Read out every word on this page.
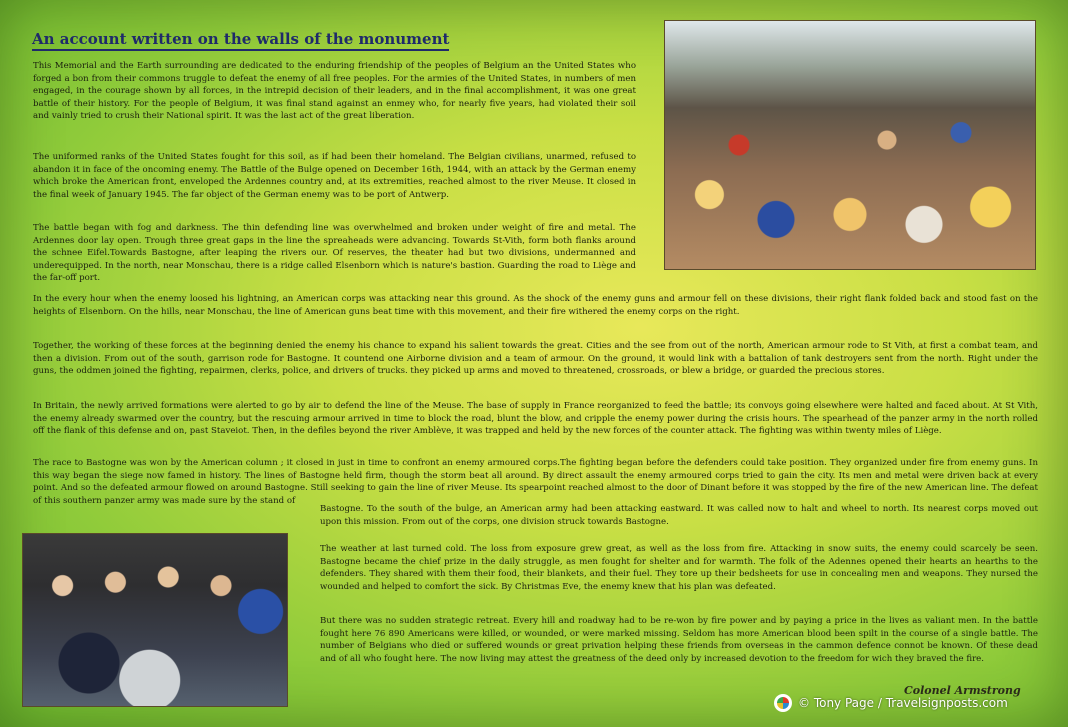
An account written on the walls of the monument

This Memorial and the Earth surrounding are dedicated to the enduring friendship of the peoples of Belgium an the United States who forged a bon from their commons truggle to defeat the enemy of all free peoples. For the armies of the United States, in numbers of men engaged, in the courage shown by all forces, in the intrepid decision of their leaders, and in the final accomplishment, it was one great battle of their history. For the people of Belgium, it was final stand against an enmey who, for nearly five years, had violated their soil and vainly tried to crush their National spirit. It was the last act of the great liberation.

The uniformed ranks of the United States fought for this soil, as if had been their homeland. The Belgian civilians, unarmed, refused to abandon it in face of the oncoming enemy. The Battle of the Bulge opened on December 16th, 1944, with an attack by the German enemy which broke the American front, enveloped the Ardennes country and, at its extremities, reached almost to the river Meuse. It closed in the final week of January 1945. The far object of the German enemy was to be port of Antwerp.

The battle began with fog and darkness. The thin defending line was overwhelmed and broken under weight of fire and metal. The Ardennes door lay open. Trough three great gaps in the line the spreaheads were advancing. Towards St-Vith, form both flanks around the schnee Eifel.Towards Bastogne, after leaping the rivers our. Of reserves, the theater had but two divisions, undermanned and underequipped. In the north, near Monschau, there is a ridge called Elsenborn which is nature's bastion. Guarding the road to Liège and the far-off port.

In the every hour when the enemy loosed his lightning, an American corps was attacking near this ground. As the shock of the enemy guns and armour fell on these divisions, their right flank folded back and stood fast on the heights of Elsenborn. On the hills, near Monschau, the line of American guns beat time with this movement, and their fire withered the enemy corps on the right.

Together, the working of these forces at the beginning denied the enemy his chance to expand his salient towards the great. Cities and the see from out of the north, American armour rode to St Vith, at first a combat team, and then a division. From out of the south, garrison rode for Bastogne. It countend one Airborne division and a team of armour. On the ground, it would link with a battalion of tank destroyers sent from the north. Right under the guns, the oddmen joined the fighting, repairmen, clerks, police, and drivers of trucks. they picked up arms and moved to threatened, crossroads, or blew a bridge, or guarded the precious stores.

In Britain, the newly arrived formations were alerted to go by air to defend the line of the Meuse. The base of supply in France reorganized to feed the battle; its convoys going elsewhere were halted and faced about. At St Vith, the enemy already swarmed over the country, but the rescuing armour arrived in time to block the road, blunt the blow, and cripple the enemy power during the crisis hours. The spearhead of the panzer army in the north rolled off the flank of this defense and on, past Staveiot. Then, in the defiles beyond the river Amblève, it was trapped and held by the new forces of the counter attack. The fighting was within twenty miles of Liège.

The race to Bastogne was won by the American column ; it closed in just in time to confront an enemy armoured corps.The fighting began before the defenders could take position. They organized under fire from enemy guns. In this way began the siege now famed in history. The lines of Bastogne held firm, though the storm beat all around. By direct assault the enemy armoured corps tried to gain the city. Its men and metal were driven back at every point. And so the defeated armour flowed on around Bastogne. Still seeking to gain the line of river Meuse. Its spearpoint reached almost to the door of Dinant before it was stopped by the fire of the new American line. The defeat of this southern panzer army was made sure by the stand of

Bastogne. To the south of the bulge, an American army had been attacking eastward. It was called now to halt and wheel to north. Its nearest corps moved out upon this mission. From out of the corps, one division struck towards Bastogne.

The weather at last turned cold. The loss from exposure grew great, as well as the loss from fire. Attacking in snow suits, the enemy could scarcely be seen. Bastogne became the chief prize in the daily struggle, as men fought for shelter and for warmth. The folk of the Adennes opened their hearts an hearths to the defenders. They shared with them their food, their blankets, and their fuel. They tore up their bedsheets for use in concealing men and weapons. They nursed the wounded and helped to comfort the sick. By Christmas Eve, the enemy knew that his plan was defeated.

But there was no sudden strategic retreat. Every hill and roadway had to be re-won by fire power and by paying a price in the lives as valiant men. In the battle fought here 76 890 Americans were killed, or wounded, or were marked missing. Seldom has more American blood been spilt in the course of a single battle. The number of Belgians who died or suffered wounds or great privation helping these friends from overseas in the cammon defence connot be known. Of these dead and of all who fought here. The now living may attest the greatness of the deed only by increased devotion to the freedom for wich they braved the fire.

Colonel Armstrong
© Tony Page / Travelsignposts.com
